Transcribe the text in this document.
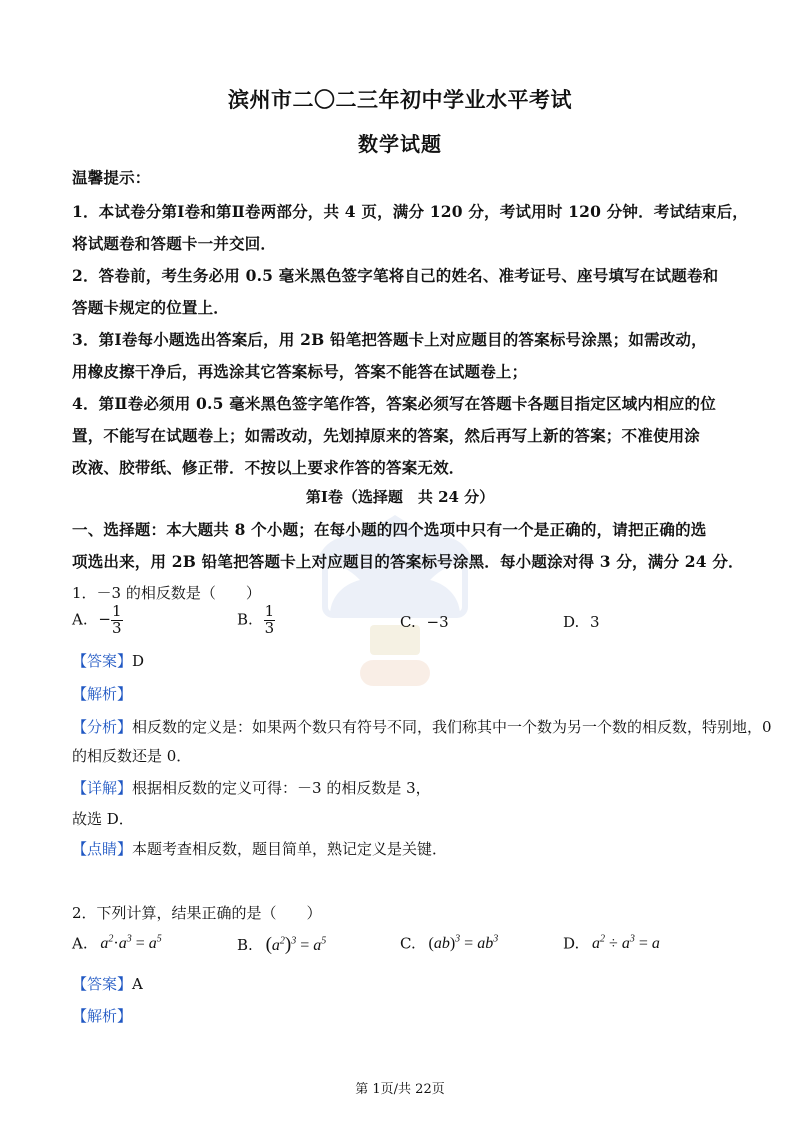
滨州市二〇二三年初中学业水平考试
数学试题
温馨提示：
1．本试卷分第Ⅰ卷和第Ⅱ卷两部分，共 4 页，满分 120 分，考试用时 120 分钟．考试结束后，
将试题卷和答题卡一并交回．
2．答卷前，考生务必用 0.5 毫米黑色签字笔将自己的姓名、准考证号、座号填写在试题卷和
答题卡规定的位置上．
3．第Ⅰ卷每小题选出答案后，用 2B 铅笔把答题卡上对应题目的答案标号涂黑；如需改动，
用橡皮擦干净后，再选涂其它答案标号，答案不能答在试题卷上；
4．第Ⅱ卷必须用 0.5 毫米黑色签字笔作答，答案必须写在答题卡各题目指定区域内相应的位
置，不能写在试题卷上；如需改动，先划掉原来的答案，然后再写上新的答案；不准使用涂
改液、胶带纸、修正带．不按以上要求作答的答案无效．
第Ⅰ卷（选择题　共 24 分）
一、选择题：本大题共 8 个小题；在每小题的四个选项中只有一个是正确的，请把正确的选
项选出来，用 2B 铅笔把答题卡上对应题目的答案标号涂黑．每小题涂对得 3 分，满分 24 分．
1．－3 的相反数是（　　）
A. − $\frac{1}{3}$	B. $\frac{1}{3}$	C. −3	D. 3
【答案】D
【解析】
【分析】相反数的定义是：如果两个数只有符号不同，我们称其中一个数为另一个数的相反数，特别地，0
的相反数还是 0．
【详解】根据相反数的定义可得：－3 的相反数是 3，
故选 D．
【点睛】本题考查相反数，题目简单，熟记定义是关键．
2．下列计算，结果正确的是（　　）
A. $a^2\cdot a^3 = a^5$	B. $(a^2)^3 = a^5$	C. $(ab)^3 = ab^3$	D. $a^2 \div a^3 = a$
【答案】A
【解析】
第 1页/共 22页
